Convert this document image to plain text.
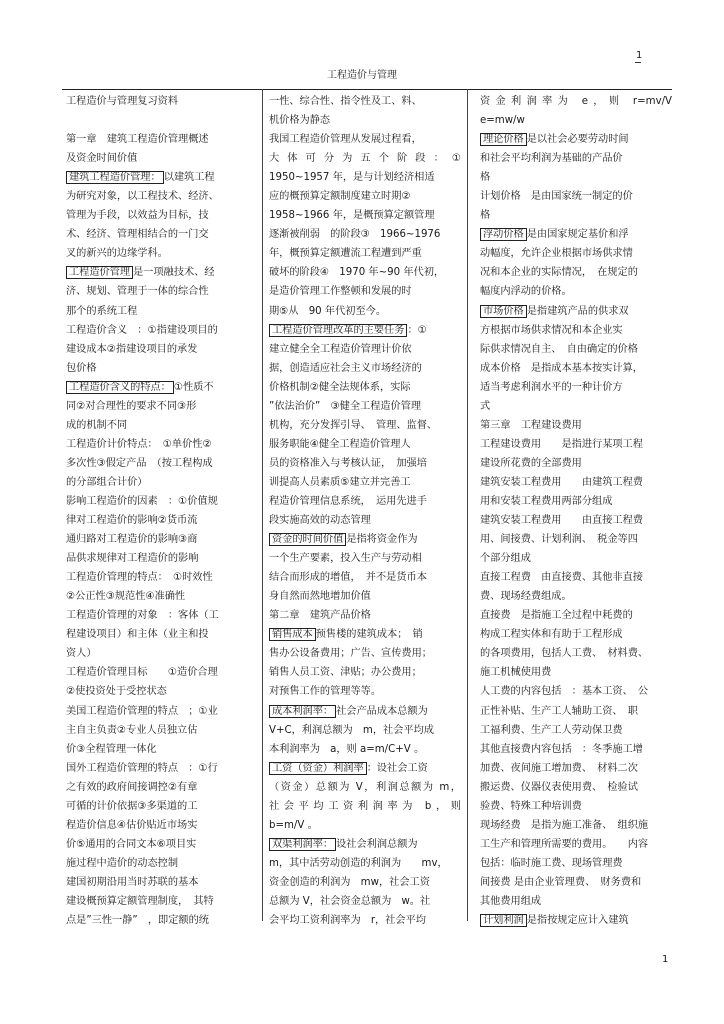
1
工程造价与管理
工程造价与管理复习资料
第一章　建筑工程造价管理概述
及资金时间价值
建筑工程造价管理： 以建筑工程
为研究对象，以工程技术、经济、
管理为手段，以效益为目标，技
术、经济、管理相结合的一门交
叉的新兴的边缘学科。
工程造价管理 是一项融技术、经
济、规划、管理于一体的综合性
那个的系统工程
工程造价含义　：①指建设项目的
建设成本②指建设项目的承发
包价格
工程造价含义的特点： ①性质不
同②对合理性的要求不同③形
成的机制不同
工程造价计价特点：　①单价性②
多次性③假定产品　（按工程构成
的分部组合计价）
影响工程造价的因素　：①价值规
律对工程造价的影响②货币流
通归路对工程造价的影响③商
品供求规律对工程造价的影响
工程造价管理的特点：　①时效性
②公正性③规范性④准确性
工程造价管理的对象　：客体（工
程建设项目）和主体（业主和投
资人）
工程造价管理目标　　①造价合理
②使投资处于受控状态
美国工程造价管理的特点　；①业
主自主负责②专业人员独立估
价③全程管理一体化
国外工程造价管理的特点　：①行
之有效的政府间接调控②有章
可循的计价依据③多渠道的工
程造价信息④估价贴近市场实
价⑤通用的合同文本⑥项目实
施过程中造价的动态控制
建国初期沿用当时苏联的基本
建设概预算定额管理制度，　其特
点是”三性一静”　，即定额的统
一性、综合性、指令性及工、料、
机价格为静态
我国工程造价管理从发展过程看，
大体可分为五个阶段：①
1950~1957 年，是与计划经济相适
应的概预算定额制度建立时期②
1958~1966 年，是概预算定额管理
逐渐被削弱　的阶段③　1966~1976
年，概预算定额遭流工程遭到严重
破坏的阶段④　1970 年~90 年代初，
是造价管理工作整顿和发展的时
期⑤从　90 年代初至今。
工程造价管理改革的主要任务 ：①
建立健全全工程造价管理计价依
据，创造适应社会主义市场经济的
价格机制②健全法规体系，实际
”依法治价”　③健全工程造价管理
机构，充分发挥引导、　管理、监督、
服务职能④健全工程造价管理人
员的资格准入与考核认证，　加强培
训提高人员素质⑤建立并完善工
程造价管理信息系统，　运用先进手
段实施高效的动态管理
资金的时间价值 是指将资金作为
一个生产要素，投入生产与劳动相
结合而形成的增值，　并不是货币本
身自然而然地增加价值
第二章　建筑产品价格
销售成本 预售楼的建筑成本；　销
售办公设备费用；广告、宣传费用；
销售人员工资、津贴；办公费用；
对预售工作的管理等等。
成本利润率： 社会产品成本总额为
V+C，利润总额为　m，社会平均成
本利润率为　a，则 a=m/C+V 。
工资（资金）利润率 ：设社会工资
（资金）总额为 V，利润总额为 m，
社会平均工资利润率为 b，则
b=m/V 。
双渠利润率： 设社会利润总额为
m，其中活劳动创造的利润为　　mv，
资金创造的利润为　mw，社会工资
总额为 V，社会资金总额为　w。社
会平均工资利润率为　r，社会平均
资金利润率为 e，则 r=mv/V
e=mw/w
理论价格 是以社会必要劳动时间
和社会平均利润为基础的产品价
格
计划价格　是由国家统一制定的价
格
浮动价格 是由国家规定基价和浮
动幅度，允许企业根据市场供求情
况和本企业的实际情况，　在规定的
幅度内浮动的价格。
市场价格 是指建筑产品的供求双
方根据市场供求情况和本企业实
际供求情况自主、　自由确定的价格
成本价格　是指成本基本按实计算，
适当考虑利润水平的一种计价方
式
第三章　工程建设费用
工程建设费用　　是指进行某项工程
建设所花费的全部费用
建筑安装工程费用　　由建筑工程费
用和安装工程费用两部分组成
建筑安装工程费用　　由直接工程费
用、间接费、计划利润、　税金等四
个部分组成
直接工程费　由直接费、其他非直接
费、现场经费组成。
直接费　是指施工全过程中耗费的
构成工程实体和有助于工程形成
的各项费用，包括人工费、　材料费、
施工机械使用费
人工费的内容包括　：基本工资、　公
正性补贴、生产工人辅助工资、　职
工福利费、生产工人劳动保卫费
其他直接费内容包括　：冬季施工增
加费、夜间施工增加费、　材料二次
搬运费、仪器仪表使用费、　检验试
验费、特殊工种培训费
现场经费　是指为施工准备、　组织施
工生产和管理所需要的费用。　　内容
包括：临时施工费、现场管理费
间接费 是由企业管理费、　财务费和
其他费用组成
计划利润 是指按规定应计入建筑
1
